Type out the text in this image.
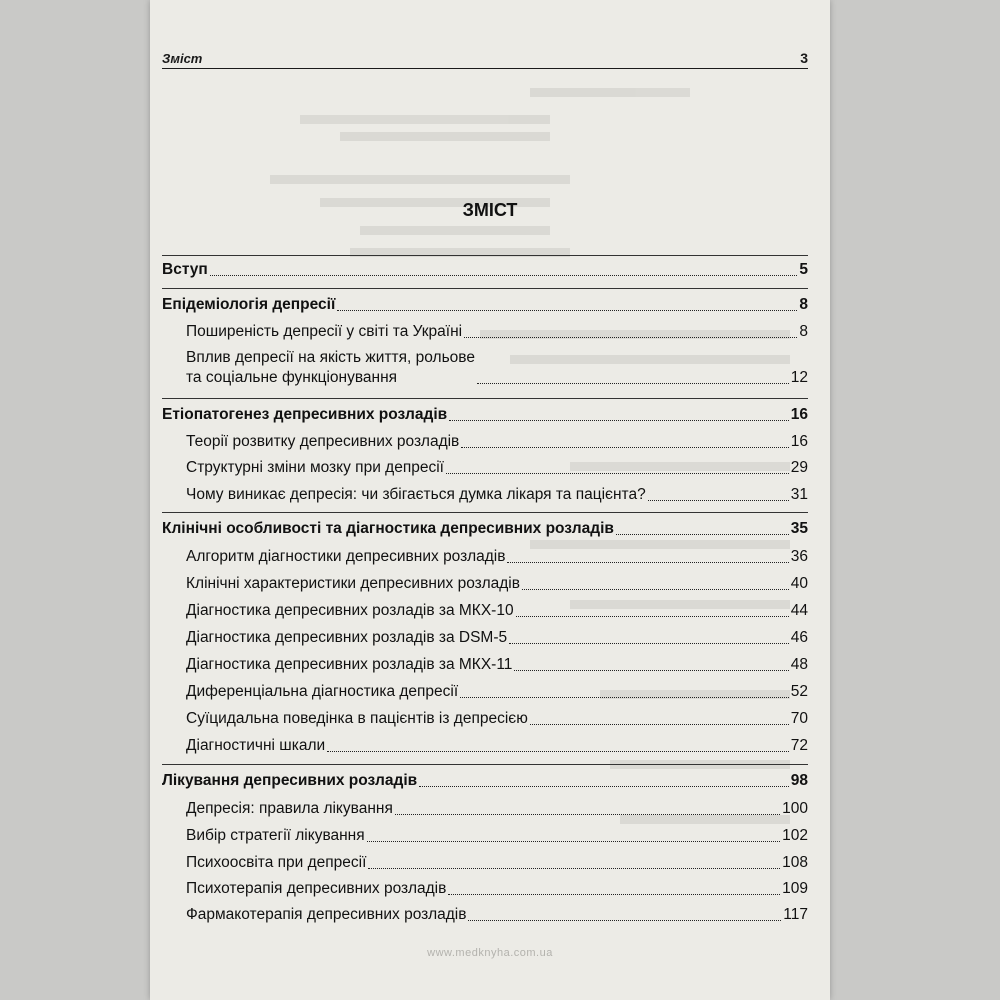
Зміст	3
ЗМІСТ
Вступ	5
Епідеміологія депресії	8
Поширеність депресії у світі та Україні	8
Вплив депресії на якість життя, рольове
та соціальне функціонування	12
Етіопатогенез депресивних розладів	16
Теорії розвитку депресивних розладів	16
Структурні зміни мозку при депресії	29
Чому виникає депресія: чи збігається думка лікаря та пацієнта?	31
Клінічні особливості та діагностика депресивних розладів	35
Алгоритм діагностики депресивних розладів	36
Клінічні характеристики депресивних розладів	40
Діагностика депресивних розладів за МКХ-10	44
Діагностика депресивних розладів за DSM-5	46
Діагностика депресивних розладів за МКХ-11	48
Диференціальна діагностика депресії	52
Суїцидальна поведінка в пацієнтів із депресією	70
Діагностичні шкали	72
Лікування депресивних розладів	98
Депресія: правила лікування	100
Вибір стратегії лікування	102
Психоосвіта при депресії	108
Психотерапія депресивних розладів	109
Фармакотерапія депресивних розладів	117
www.medknyha.com.ua
